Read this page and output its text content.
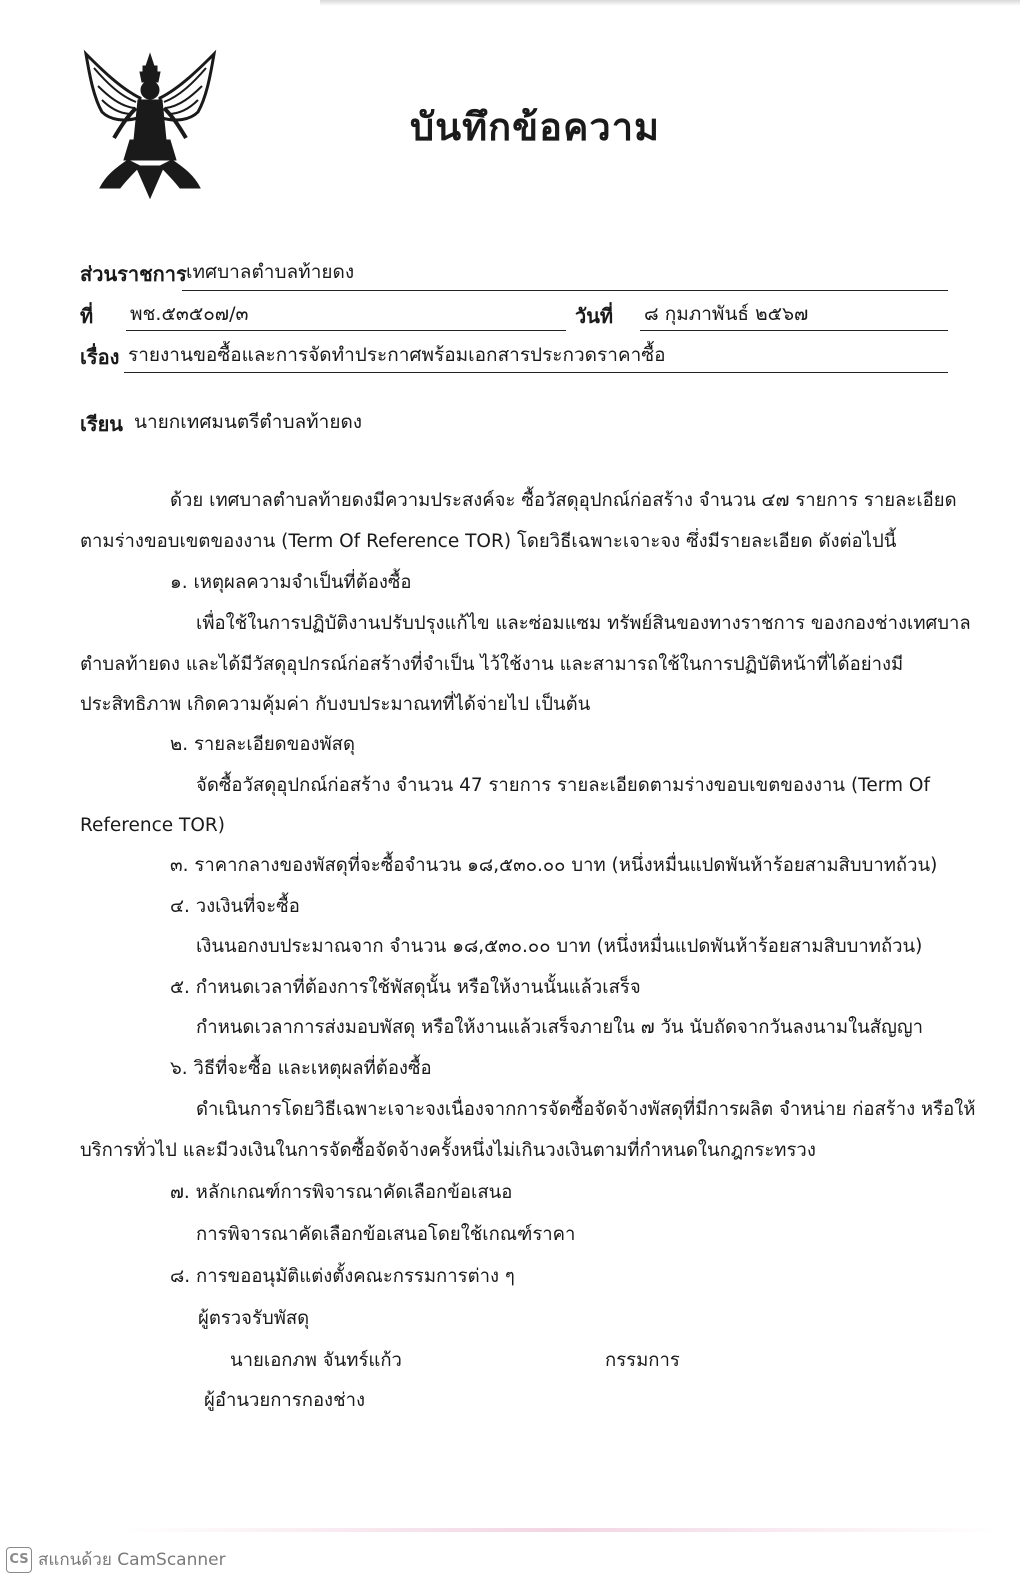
บันทึกข้อความ
ส่วนราชการ เทศบาลตำบลท้ายดง
ที่ พช.๕๓๕๐๗/๓	วันที่ ๘ กุมภาพันธ์ ๒๕๖๗
เรื่อง รายงานขอซื้อและการจัดทำประกาศพร้อมเอกสารประกวดราคาซื้อ
เรียน นายกเทศมนตรีตำบลท้ายดง
ด้วย เทศบาลตำบลท้ายดงมีความประสงค์จะ ซื้อวัสดุอุปกณ์ก่อสร้าง จำนวน ๔๗ รายการ รายละเอียด
ตามร่างขอบเขตของงาน (Term Of Reference TOR) โดยวิธีเฉพาะเจาะจง ซึ่งมีรายละเอียด ดังต่อไปนี้
๑. เหตุผลความจำเป็นที่ต้องซื้อ
เพื่อใช้ในการปฏิบัติงานปรับปรุงแก้ไข และซ่อมแซม ทรัพย์สินของทางราชการ ของกองช่างเทศบาล
ตำบลท้ายดง และได้มีวัสดุอุปกรณ์ก่อสร้างที่จำเป็น ไว้ใช้งาน และสามารถใช้ในการปฏิบัติหน้าที่ได้อย่างมี
ประสิทธิภาพ เกิดความคุ้มค่า กับงบประมาณทที่ได้จ่ายไป เป็นต้น
๒. รายละเอียดของพัสดุ
จัดซื้อวัสดุอุปกณ์ก่อสร้าง จำนวน 47 รายการ รายละเอียดตามร่างขอบเขตของงาน (Term Of
Reference TOR)
๓. ราคากลางของพัสดุที่จะซื้อจำนวน ๑๘,๕๓๐.๐๐ บาท (หนึ่งหมื่นแปดพันห้าร้อยสามสิบบาทถ้วน)
๔. วงเงินที่จะซื้อ
เงินนอกงบประมาณจาก จำนวน ๑๘,๕๓๐.๐๐ บาท (หนึ่งหมื่นแปดพันห้าร้อยสามสิบบาทถ้วน)
๕. กำหนดเวลาที่ต้องการใช้พัสดุนั้น หรือให้งานนั้นแล้วเสร็จ
กำหนดเวลาการส่งมอบพัสดุ หรือให้งานแล้วเสร็จภายใน ๗ วัน นับถัดจากวันลงนามในสัญญา
๖. วิธีที่จะซื้อ และเหตุผลที่ต้องซื้อ
ดำเนินการโดยวิธีเฉพาะเจาะจงเนื่องจากการจัดซื้อจัดจ้างพัสดุที่มีการผลิต จำหน่าย ก่อสร้าง หรือให้
บริการทั่วไป และมีวงเงินในการจัดซื้อจัดจ้างครั้งหนึ่งไม่เกินวงเงินตามที่กำหนดในกฎกระทรวง
๗. หลักเกณฑ์การพิจารณาคัดเลือกข้อเสนอ
การพิจารณาคัดเลือกข้อเสนอโดยใช้เกณฑ์ราคา
๘. การขออนุมัติแต่งตั้งคณะกรรมการต่าง ๆ
ผู้ตรวจรับพัสดุ
นายเอกภพ จันทร์แก้ว	กรรมการ
ผู้อำนวยการกองช่าง
CS สแกนด้วย CamScanner
